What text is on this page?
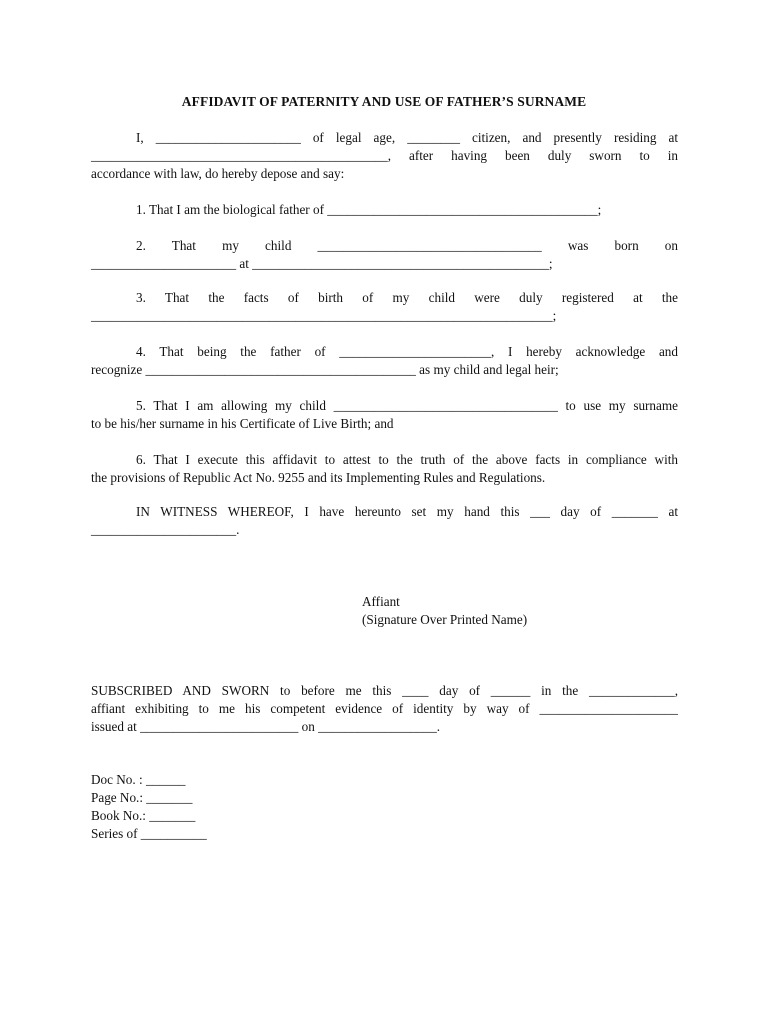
AFFIDAVIT OF PATERNITY AND USE OF FATHER’S SURNAME
I, ______________________ of legal age, ________ citizen, and presently residing at
_____________________________________________, after having been duly sworn to in
accordance with law, do hereby depose and say:
1. That I am the biological father of _________________________________________;
2. That my child __________________________________ was born on
______________________ at _____________________________________________;
3. That the facts of birth of my child were duly registered at the
______________________________________________________________________;
4. That being the father of _______________________, I hereby acknowledge and
recognize _________________________________________ as my child and legal heir;
5. That I am allowing my child __________________________________ to use my surname
to be his/her surname in his Certificate of Live Birth; and
6. That I execute this affidavit to attest to the truth of the above facts in compliance with
the provisions of Republic Act No. 9255 and its Implementing Rules and Regulations.
IN WITNESS WHEREOF, I have hereunto set my hand this ___ day of _______ at
______________________.
Affiant
(Signature Over Printed Name)
SUBSCRIBED AND SWORN to before me this ____ day of ______ in the _____________,
affiant exhibiting to me his competent evidence of identity by way of _____________________
issued at ________________________ on __________________.
Doc No. : ______
Page No.: _______
Book No.: _______
Series of __________
